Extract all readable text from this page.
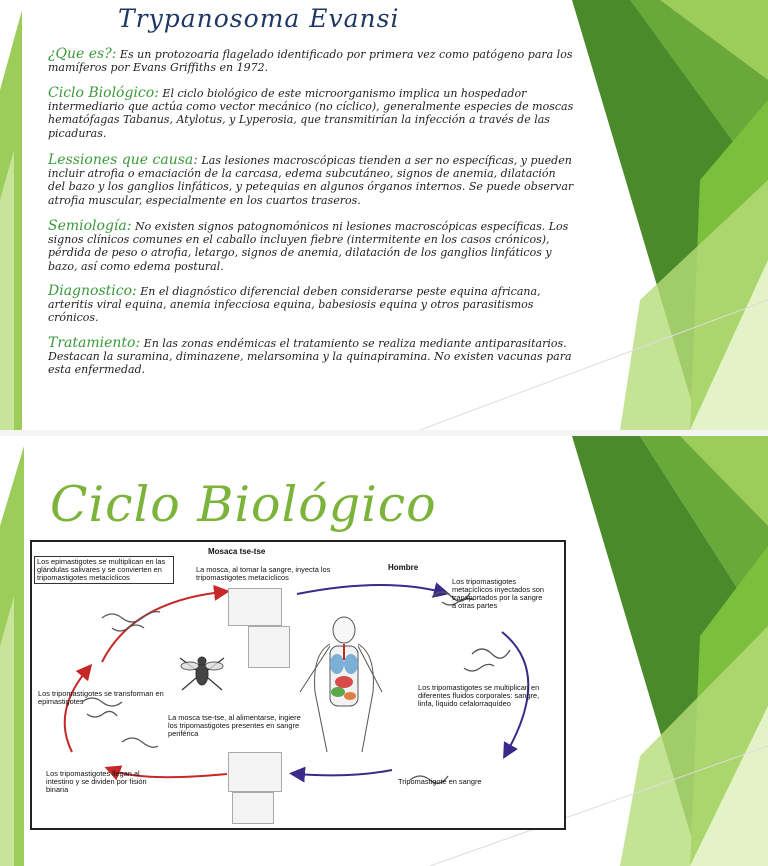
Trypanosoma Evansi

¿Que es?: Es un protozoaria flagelado identificado por primera vez como patógeno para los mamíferos por Evans Griffiths en 1972.

Ciclo Biológico: El ciclo biológico de este microorganismo implica un hospedador intermediario que actúa como vector mecánico (no cíclico), generalmente especies de moscas hematófagas Tabanus, Atylotus, y Lyperosia, que transmitirían la infección a través de las picaduras.

Lessiones que causa: Las lesiones macroscópicas tienden a ser no específicas, y pueden incluir atrofia o emaciación de la carcasa, edema subcutáneo, signos de anemia, dilatación del bazo y los ganglios linfáticos, y petequias en algunos órganos internos. Se puede observar atrofia muscular, especialmente en los cuartos traseros.

Semiología: No existen signos patognomónicos ni lesiones macroscópicas específicas. Los signos clínicos comunes en el caballo incluyen fiebre (intermitente en los casos crónicos), pérdida de peso o atrofia, letargo, signos de anemia, dilatación de los ganglios linfáticos y bazo, así como edema postural.

Diagnostico: En el diagnóstico diferencial deben considerarse peste equina africana, arteritis viral equina, anemia infecciosa equina, babesiosis equina y otros parasitismos crónicos.

Tratamiento: En las zonas endémicas el tratamiento se realiza mediante antiparasitarios. Destacan la suramina, diminazene, melarsomina y la quinapiramina. No existen vacunas para esta enfermedad.

Ciclo Biológico
Mosaca tse-tse
Hombre
Los epimastigotes se multiplican en las glándulas salivares y se convierten en tripomastigotes metacíclicos
La mosca, al tomar la sangre, inyecta los tripomastigotes metacíclicos	Los tripomastigotes metacíclicos inyectados son transportados por la sangre a otras partes
Los tripomastigotes se transforman en epimastigotes
Los tripomastigotes se multiplican en diferentes fluidos corporales: sangre, linfa, líquido cefalorraquídeo
La mosca tse-tse, al alimentarse, ingiere los tripomastigotes presentes en sangre periférica
Los tripomastigotes llegan al intestino y se dividen por fisión binaria
Tripomastigote en sangre
